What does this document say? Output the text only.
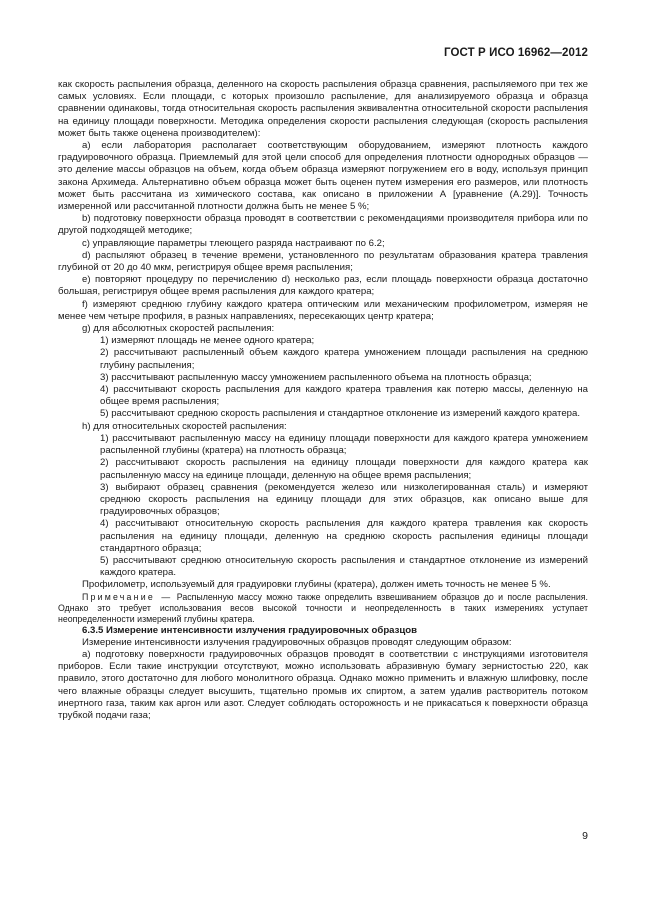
ГОСТ Р ИСО 16962—2012

как скорость распыления образца, деленного на скорость распыления образца сравнения, распыляемого при тех же самых условиях. Если площади, с которых произошло распыление, для анализируемого образца и образца сравнении одинаковы, тогда относительная скорость распыления эквивалентна относительной скорости распыления на единицу площади поверхности. Методика определения скорости распыления следующая (скорость распыления может быть также оценена производителем):

а) если лаборатория располагает соответствующим оборудованием, измеряют плотность каждого градуировочного образца. Приемлемый для этой цели способ для определения плотности однородных образцов — это деление массы образцов на объем, когда объем образца измеряют погружением его в воду, используя принцип закона Архимеда. Альтернативно объем образца может быть оценен путем измерения его размеров, или плотность может быть рассчитана из химического состава, как описано в приложении А [уравнение (А.29)]. Точность измеренной или рассчитанной плотности должна быть не менее 5 %;

b) подготовку поверхности образца проводят в соответствии с рекомендациями производителя прибора или по другой подходящей методике;

с) управляющие параметры тлеющего разряда настраивают по 6.2;

d) распыляют образец в течение времени, установленного по результатам образования кратера травления глубиной от 20 до 40 мкм, регистрируя общее время распыления;

е) повторяют процедуру по перечислению d) несколько раз, если площадь поверхности образца достаточно большая, регистрируя общее время распыления для каждого кратера;

f) измеряют среднюю глубину каждого кратера оптическим или механическим профилометром, измеряя не менее чем четыре профиля, в разных направлениях, пересекающих центр кратера;

g) для абсолютных скоростей распыления:

1) измеряют площадь не менее одного кратера;

2) рассчитывают распыленный объем каждого кратера умножением площади распыления на среднюю глубину распыления;

3) рассчитывают распыленную массу умножением распыленного объема на плотность образца;

4) рассчитывают скорость распыления для каждого кратера травления как потерю массы, деленную на общее время распыления;

5) рассчитывают среднюю скорость распыления и стандартное отклонение из измерений каждого кратера.

h) для относительных скоростей распыления:

1) рассчитывают распыленную массу на единицу площади поверхности для каждого кратера умножением распыленной глубины (кратера) на плотность образца;

2) рассчитывают скорость распыления на единицу площади поверхности для каждого кратера как распыленную массу на единице площади, деленную на общее время распыления;

3) выбирают образец сравнения (рекомендуется железо или низколегированная сталь) и измеряют среднюю скорость распыления на единицу площади для этих образцов, как описано выше для градуировочных образцов;

4) рассчитывают относительную скорость распыления для каждого кратера травления как скорость распыления на единицу площади, деленную на среднюю скорость распыления единицы площади стандартного образца;

5) рассчитывают среднюю относительную скорость распыления и стандартное отклонение из измерений каждого кратера.

Профилометр, используемый для градуировки глубины (кратера), должен иметь точность не менее 5 %.

Примечание — Распыленную массу можно также определить взвешиванием образцов до и после распыления. Однако это требует использования весов высокой точности и неопределенность в таких измерениях уступает неопределенности измерений глубины кратера.

6.3.5 Измерение интенсивности излучения градуировочных образцов

Измерение интенсивности излучения градуировочных образцов проводят следующим образом:

а) подготовку поверхности градуировочных образцов проводят в соответствии с инструкциями изготовителя приборов. Если такие инструкции отсутствуют, можно использовать абразивную бумагу зернистостью 220, как правило, этого достаточно для любого монолитного образца. Однако можно применить и влажную шлифовку, после чего влажные образцы следует высушить, тщательно промыв их спиртом, а затем удалив растворитель потоком инертного газа, таким как аргон или азот. Следует соблюдать осторожность и не прикасаться к поверхности образца трубкой подачи газа;

9
